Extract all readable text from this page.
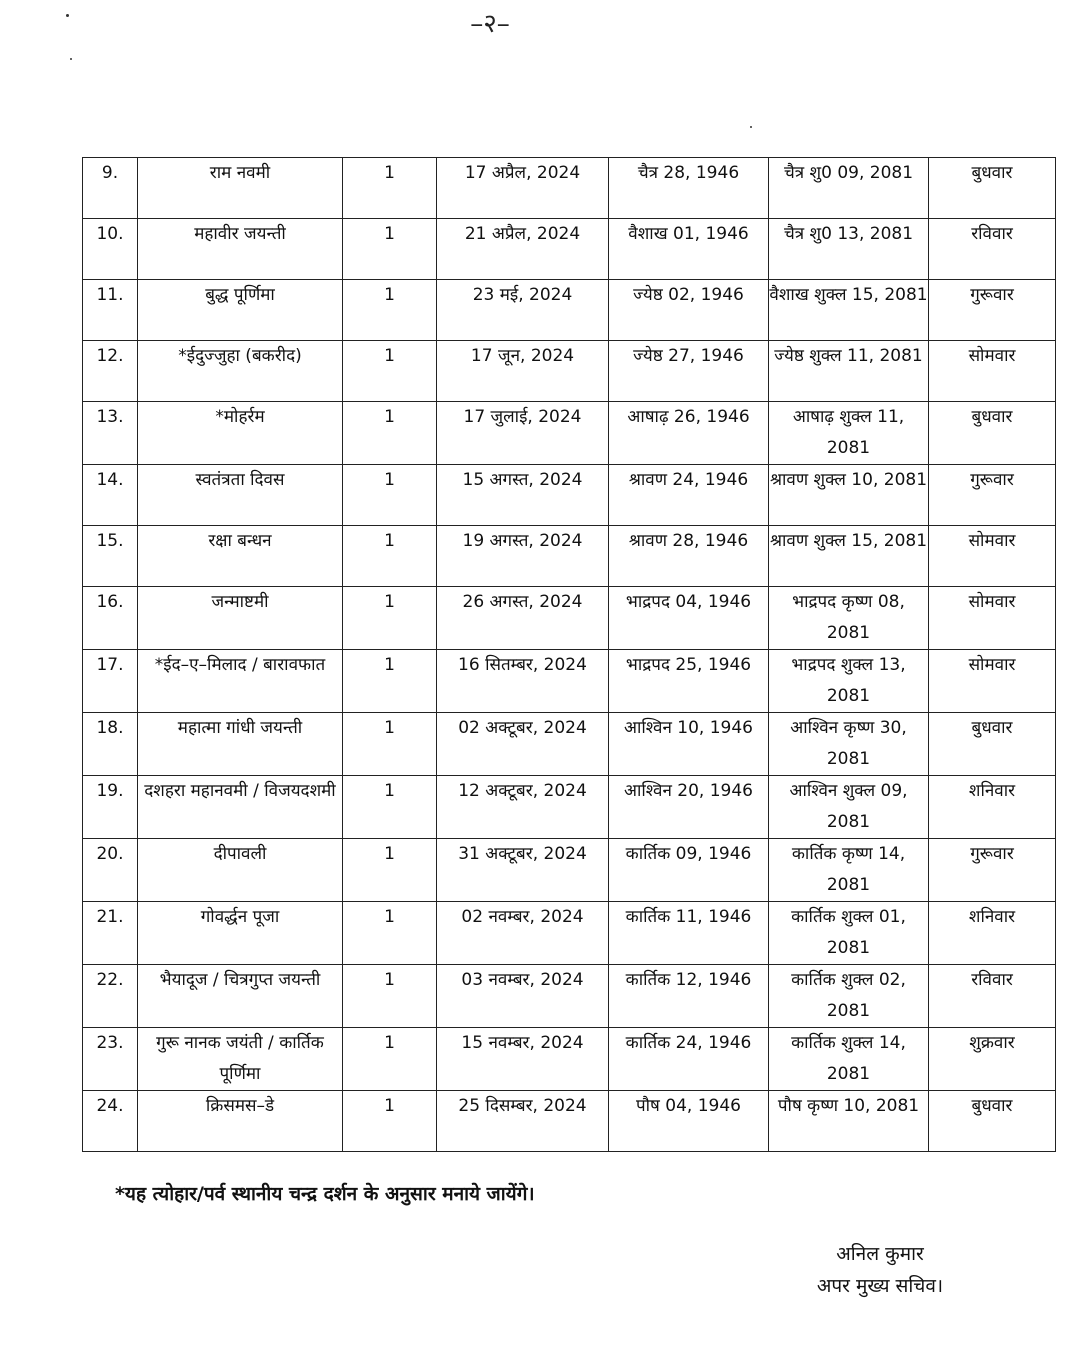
–२–
9.	राम नवमी	1	17 अप्रैल, 2024	चैत्र 28, 1946	चैत्र शु0 09, 2081	बुधवार
10.	महावीर जयन्ती	1	21 अप्रैल, 2024	वैशाख 01, 1946	चैत्र शु0 13, 2081	रविवार
11.	बुद्ध पूर्णिमा	1	23 मई, 2024	ज्येष्ठ 02, 1946	वैशाख शुक्ल 15, 2081	गुरूवार
12.	*ईदुज्जुहा (बकरीद)	1	17 जून, 2024	ज्येष्ठ 27, 1946	ज्येष्ठ शुक्ल 11, 2081	सोमवार
13.	*मोहर्रम	1	17 जुलाई, 2024	आषाढ़ 26, 1946	आषाढ़ शुक्ल 11, 2081	बुधवार
14.	स्वतंत्रता दिवस	1	15 अगस्त, 2024	श्रावण 24, 1946	श्रावण शुक्ल 10, 2081	गुरूवार
15.	रक्षा बन्धन	1	19 अगस्त, 2024	श्रावण 28, 1946	श्रावण शुक्ल 15, 2081	सोमवार
16.	जन्माष्टमी	1	26 अगस्त, 2024	भाद्रपद 04, 1946	भाद्रपद कृष्ण 08, 2081	सोमवार
17.	*ईद–ए–मिलाद / बारावफात	1	16 सितम्बर, 2024	भाद्रपद 25, 1946	भाद्रपद शुक्ल 13, 2081	सोमवार
18.	महात्मा गांधी जयन्ती	1	02 अक्टूबर, 2024	आश्विन 10, 1946	आश्विन कृष्ण 30, 2081	बुधवार
19.	दशहरा महानवमी / विजयदशमी	1	12 अक्टूबर, 2024	आश्विन 20, 1946	आश्विन शुक्ल 09, 2081	शनिवार
20.	दीपावली	1	31 अक्टूबर, 2024	कार्तिक 09, 1946	कार्तिक कृष्ण 14, 2081	गुरूवार
21.	गोवर्द्धन पूजा	1	02 नवम्बर, 2024	कार्तिक 11, 1946	कार्तिक शुक्ल 01, 2081	शनिवार
22.	भैयादूज / चित्रगुप्त जयन्ती	1	03 नवम्बर, 2024	कार्तिक 12, 1946	कार्तिक शुक्ल 02, 2081	रविवार
23.	गुरू नानक जयंती / कार्तिक पूर्णिमा	1	15 नवम्बर, 2024	कार्तिक 24, 1946	कार्तिक शुक्ल 14, 2081	शुक्रवार
24.	क्रिसमस–डे	1	25 दिसम्बर, 2024	पौष 04, 1946	पौष कृष्ण 10, 2081	बुधवार
*यह त्योहार/पर्व स्थानीय चन्द्र दर्शन के अनुसार मनाये जायेंगे।
अनिल कुमार
अपर मुख्य सचिव।
